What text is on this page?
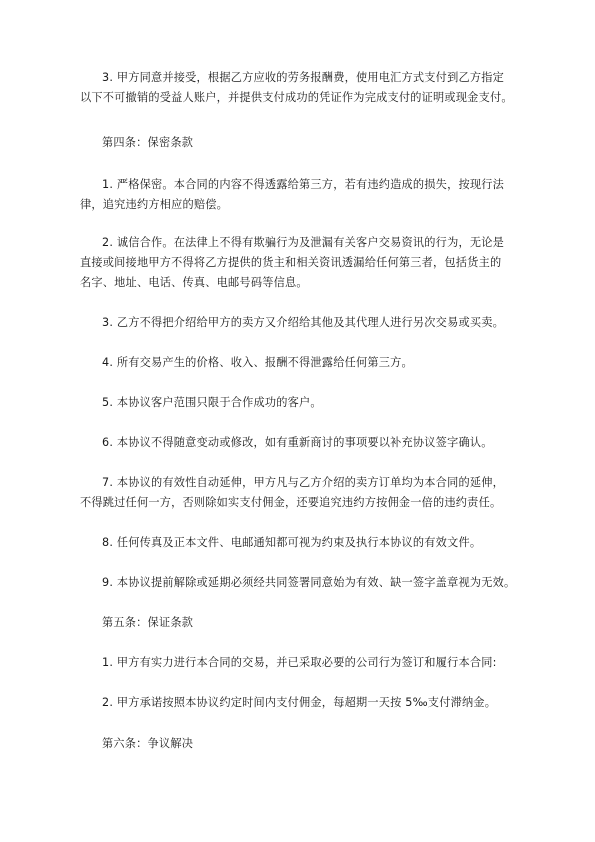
3. 甲方同意并接受，根据乙方应收的劳务报酬费，使用电汇方式支付到乙方指定
以下不可撤销的受益人账户，并提供支付成功的凭证作为完成支付的证明或现金支付。
第四条：保密条款
1. 严格保密。本合同的内容不得透露给第三方，若有违约造成的损失，按现行法
律，追究违约方相应的赔偿。
2. 诚信合作。在法律上不得有欺骗行为及泄漏有关客户交易资讯的行为，无论是
直接或间接地甲方不得将乙方提供的货主和相关资讯透漏给任何第三者，包括货主的
名字、地址、电话、传真、电邮号码等信息。
3. 乙方不得把介绍给甲方的卖方又介绍给其他及其代理人进行另次交易或买卖。
4. 所有交易产生的价格、收入、报酬不得泄露给任何第三方。
5. 本协议客户范围只限于合作成功的客户。
6. 本协议不得随意变动或修改，如有重新商讨的事项要以补充协议签字确认。
7. 本协议的有效性自动延伸，甲方凡与乙方介绍的卖方订单均为本合同的延伸，
不得跳过任何一方，否则除如实支付佣金，还要追究违约方按佣金一倍的违约责任。
8. 任何传真及正本文件、电邮通知都可视为约束及执行本协议的有效文件。
9. 本协议提前解除或延期必须经共同签署同意始为有效、缺一签字盖章视为无效。
第五条：保证条款
1. 甲方有实力进行本合同的交易，并已采取必要的公司行为签订和履行本合同:
2. 甲方承诺按照本协议约定时间内支付佣金，每超期一天按 5‰支付滞纳金。
第六条：争议解决
